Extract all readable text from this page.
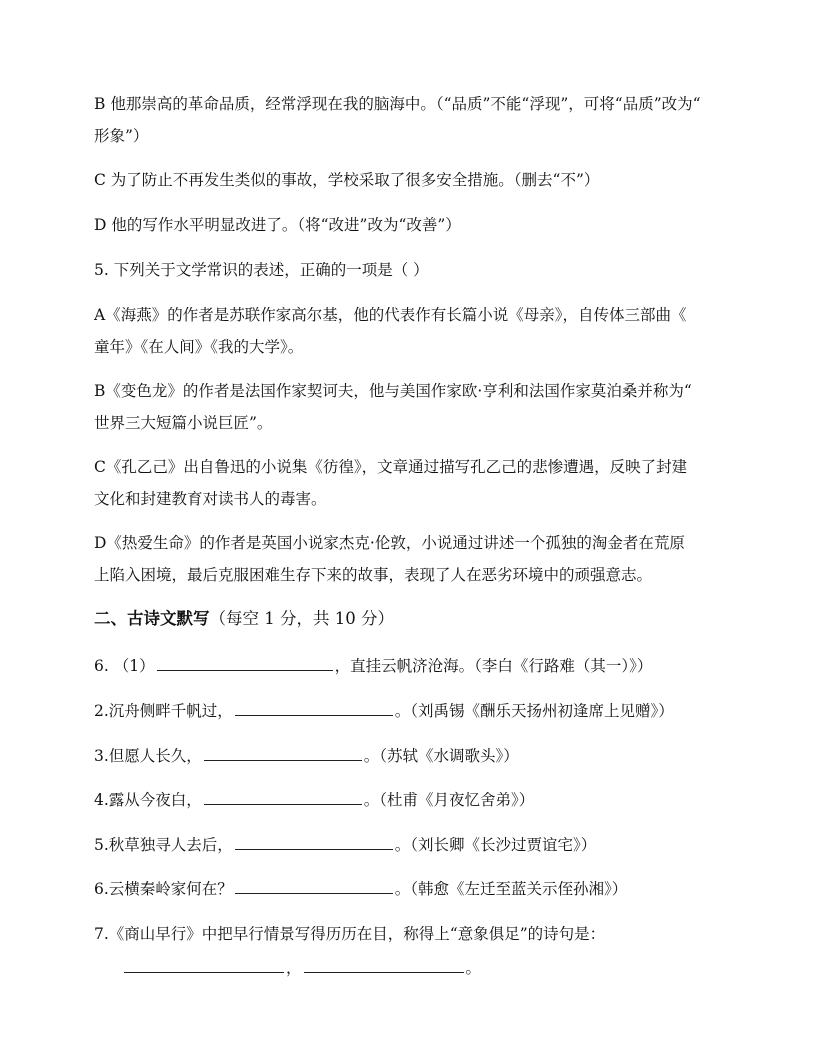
B 他那崇高的革命品质，经常浮现在我的脑海中。（“品质”不能“浮现”，可将“品质”改为“
形象”）
C 为了防止不再发生类似的事故，学校采取了很多安全措施。（删去“不”）
D 他的写作水平明显改进了。（将“改进”改为“改善”）
5. 下列关于文学常识的表述，正确的一项是（ ）
A《海燕》的作者是苏联作家高尔基，他的代表作有长篇小说《母亲》，自传体三部曲《
童年》《在人间》《我的大学》。
B《变色龙》的作者是法国作家契诃夫，他与美国作家欧·亨利和法国作家莫泊桑并称为“
世界三大短篇小说巨匠”。
C《孔乙己》出自鲁迅的小说集《彷徨》，文章通过描写孔乙己的悲惨遭遇，反映了封建
文化和封建教育对读书人的毒害。
D《热爱生命》的作者是英国小说家杰克·伦敦，小说通过讲述一个孤独的淘金者在荒原
上陷入困境，最后克服困难生存下来的故事，表现了人在恶劣环境中的顽强意志。
二、古诗文默写（每空 1 分，共 10 分）
6. （1）	，直挂云帆济沧海。（李白《行路难（其一）》）
2.沉舟侧畔千帆过，	。（刘禹锡《酬乐天扬州初逢席上见赠》）
3.但愿人长久，	。（苏轼《水调歌头》）
4.露从今夜白，	。（杜甫《月夜忆舍弟》）
5.秋草独寻人去后，	。（刘长卿《长沙过贾谊宅》）
6.云横秦岭家何在？	。（韩愈《左迁至蓝关示侄孙湘》）
7.《商山早行》中把早行情景写得历历在目，称得上“意象俱足”的诗句是：
，	。
